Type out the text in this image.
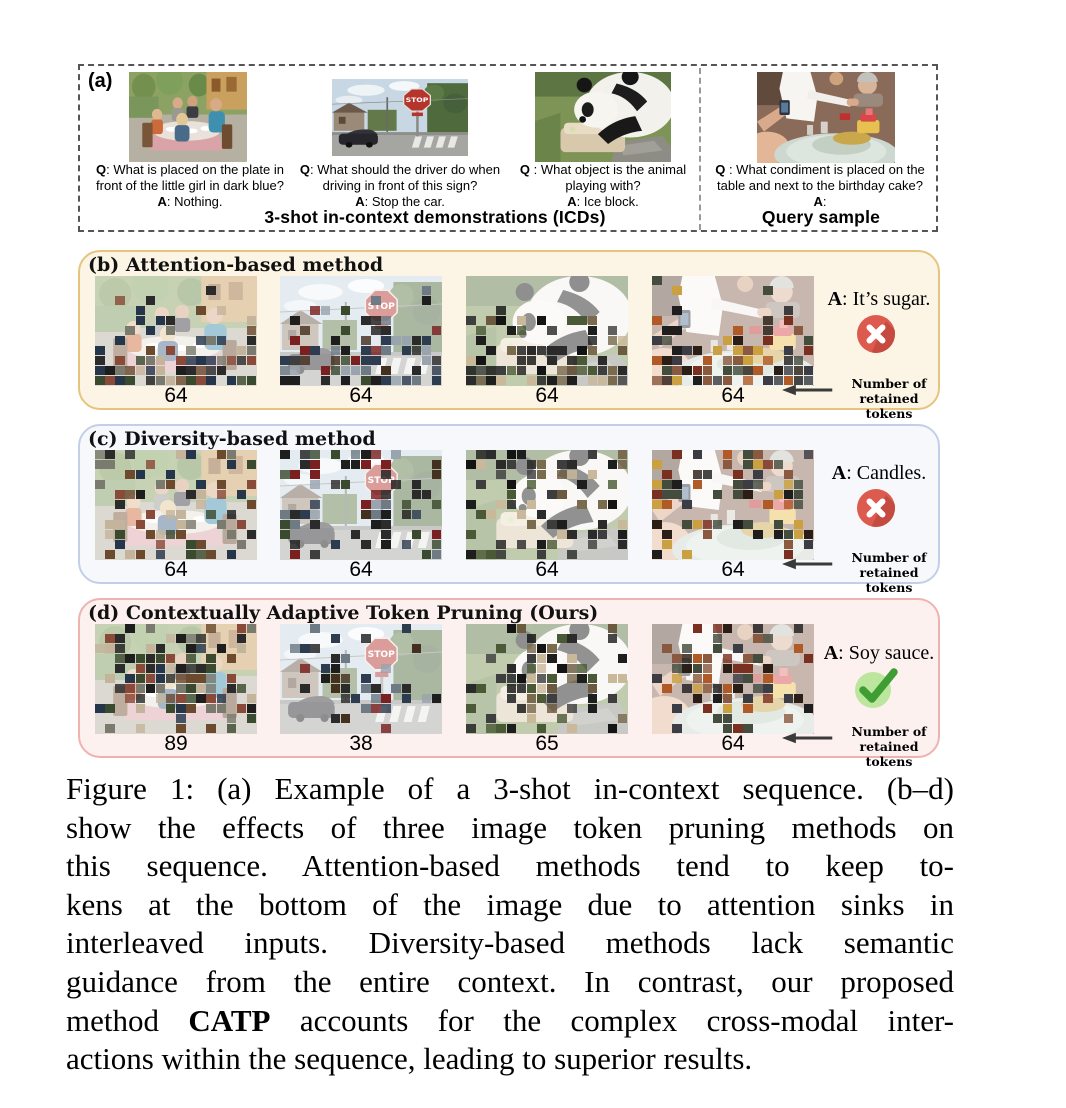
(a)
Q: What is placed on the plate in front of the little girl in dark blue?
A: Nothing.
Q: What should the driver do when driving in front of this sign?
A: Stop the car.
Q : What object is the animal playing with?
A: Ice block.
Q : What condiment is placed on the table and next to the birthday cake?
A:
3-shot in-context demonstrations (ICDs)	Query sample
(b) Attention-based method
64	64	64	64
A: It’s sugar.
Number of
retained tokens
(c) Diversity-based method
64	64	64	64
A: Candles.
Number of
retained tokens
(d) Contextually Adaptive Token Pruning (Ours)
89	38	65	64
A: Soy sauce.
Number of
retained tokens
Figure 1: (a) Example of a 3-shot in-context sequence. (b–d)
show the effects of three image token pruning methods on
this sequence. Attention-based methods tend to keep to-
kens at the bottom of the image due to attention sinks in
interleaved inputs. Diversity-based methods lack semantic
guidance from the entire context. In contrast, our proposed
method CATP accounts for the complex cross-modal inter-
actions within the sequence, leading to superior results.
